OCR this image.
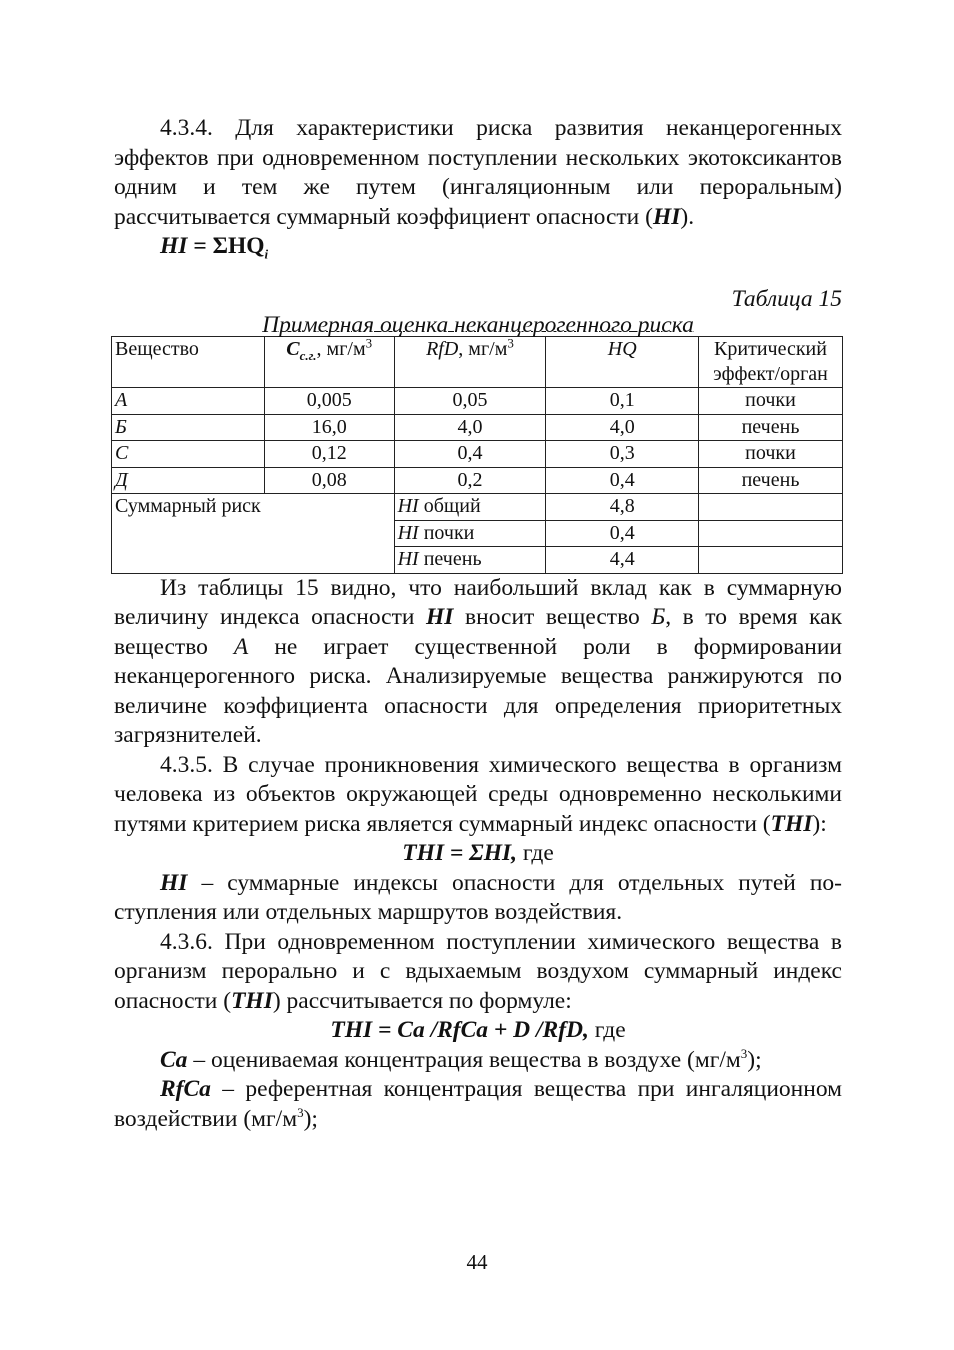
4.3.4. Для характеристики риска развития неканцерогенных эффектов при одновременном поступлении нескольких экотоксикантов одним и тем же путем (ингаляционным или пероральным) рассчитывается суммарный коэффициент опасности (HI).

HI = $\Sigma HQ_i$

Таблица 15
Примерная оценка неканцерогенного риска
Вещество	$C_{с.г.}$, $мг/м^3$	RfD, $мг/м^3$	HQ	Критический эффект/орган
А	0,005	0,05	0,1	почки
Б	16,0	4,0	4,0	печень
С	0,12	0,4	0,3	почки
Д	0,08	0,2	0,4	печень
Суммарный риск		HI общий	4,8	
		HI почки	0,4	
		HI печень	4,4	

Из таблицы 15 видно, что наибольший вклад как в суммарную величину индекса опасности HI вносит вещество Б, в то время как вещество А не играет существенной роли в формировании неканцерогенного риска. Анализируемые вещества ранжируются по величине коэффициента опасности для определения приоритетных загрязнителей.

4.3.5. В случае проникновения химического вещества в организм человека из объектов окружающей среды одновременно несколькими путями критерием риска является суммарный индекс опасности (THI):

THI = ΣHI, где

HI – суммарные индексы опасности для отдельных путей поступления или отдельных маршрутов воздействия.

4.3.6. При одновременном поступлении химического вещества в организм перорально и с вдыхаемым воздухом суммарный индекс опасности (THI) рассчитывается по формуле:

THI = Ca /RfCa + D /RfD, где

Ca – оцениваемая концентрация вещества в воздухе $(мг/м^3)$;

RfCa – референтная концентрация вещества при ингаляционном воздействии $(мг/м^3)$;

44
